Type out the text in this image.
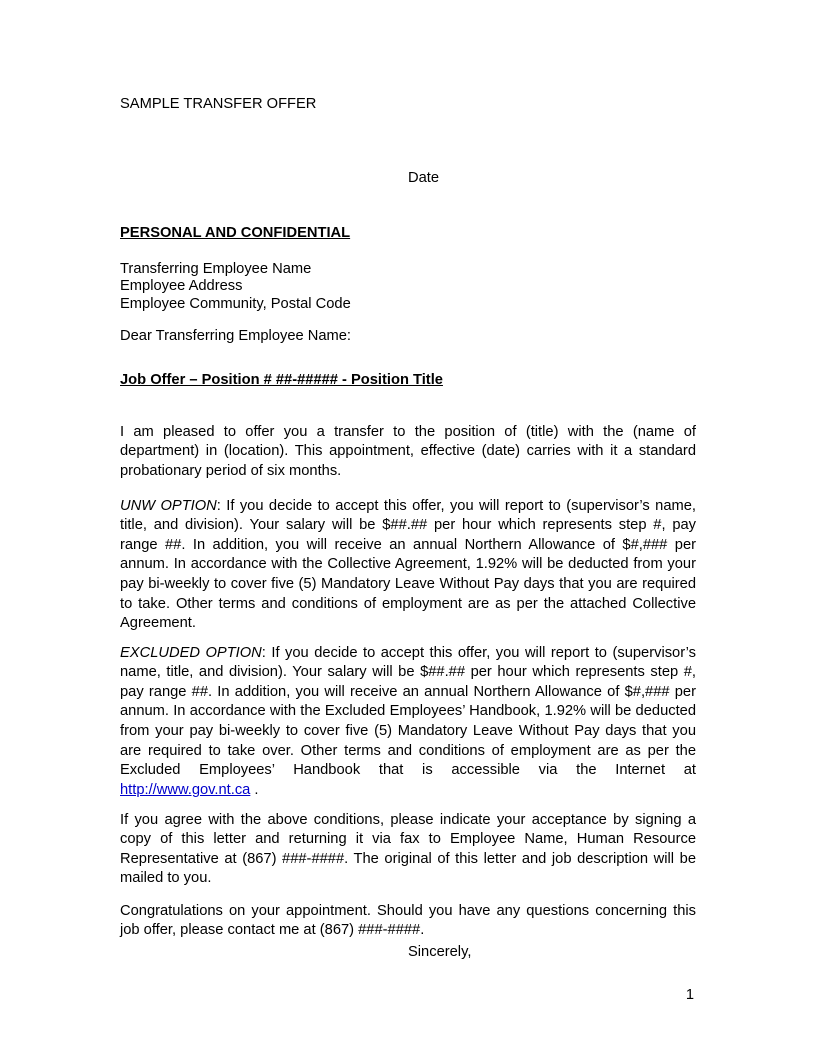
SAMPLE TRANSFER OFFER
Date
PERSONAL AND CONFIDENTIAL
Transferring Employee Name
Employee Address
Employee Community, Postal Code
Dear Transferring Employee Name:
Job Offer – Position # ##-##### - Position Title

I am pleased to offer you a transfer to the position of (title) with the (name of department) in (location). This appointment, effective (date) carries with it a standard probationary period of six months.

UNW OPTION: If you decide to accept this offer, you will report to (supervisor’s name, title, and division). Your salary will be $##.## per hour which represents step #, pay range ##. In addition, you will receive an annual Northern Allowance of $#,### per annum. In accordance with the Collective Agreement, 1.92% will be deducted from your pay bi-weekly to cover five (5) Mandatory Leave Without Pay days that you are required to take. Other terms and conditions of employment are as per the attached Collective Agreement.

EXCLUDED OPTION: If you decide to accept this offer, you will report to (supervisor’s name, title, and division). Your salary will be $##.## per hour which represents step #, pay range ##. In addition, you will receive an annual Northern Allowance of $#,### per annum. In accordance with the Excluded Employees’ Handbook, 1.92% will be deducted from your pay bi-weekly to cover five (5) Mandatory Leave Without Pay days that you are required to take over. Other terms and conditions of employment are as per the Excluded Employees’ Handbook that is accessible via the Internet at http://www.gov.nt.ca .

If you agree with the above conditions, please indicate your acceptance by signing a copy of this letter and returning it via fax to Employee Name, Human Resource Representative at (867) ###-####. The original of this letter and job description will be mailed to you.

Congratulations on your appointment. Should you have any questions concerning this job offer, please contact me at (867) ###-####.

Sincerely,
1
